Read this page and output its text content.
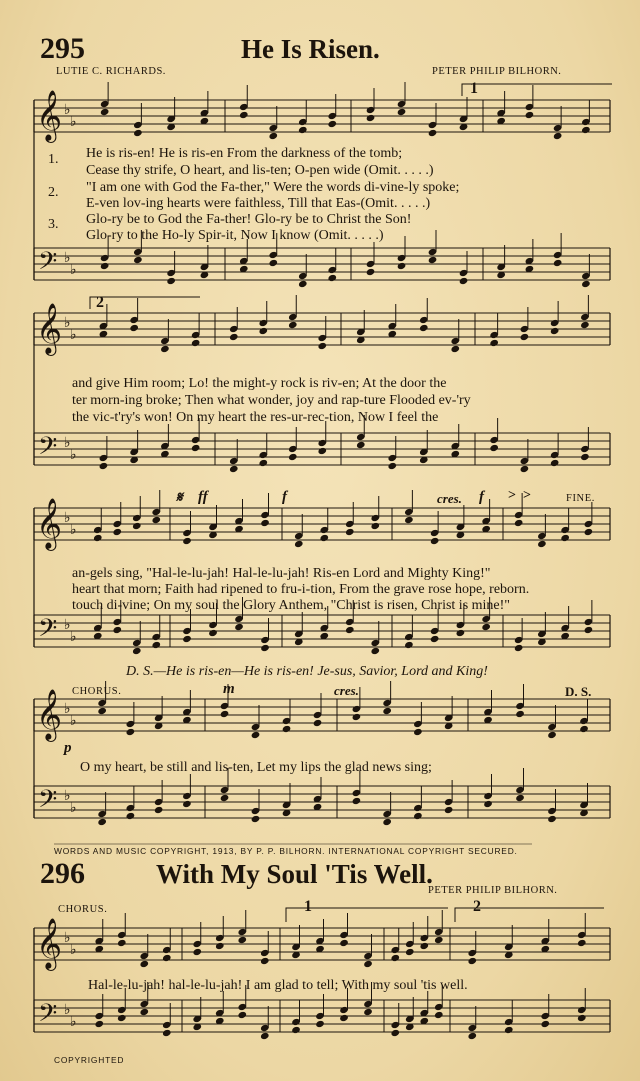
𝄞
𝄢
♭
♭
♭
♭
𝄞
𝄢
♭
♭
♭
♭
𝄞
𝄢
♭
♭
♭
♭
𝄞
𝄢
♭
♭
♭
♭
𝄞
𝄢
♭
♭
♭
♭
295	He Is Risen.
LUTIE C. RICHARDS.	PETER PHILIP BILHORN.
1
1.
2.
3.
He is ris-en! He is ris-en From the darkness of the tomb;
Cease thy strife, O heart, and lis-ten; O-pen wide (Omit. . . . .)
"I am one with God the Fa-ther," Were the words di-vine-ly spoke;
E-ven lov-ing hearts were faithless, Till that Eas-(Omit. . . . .)
Glo-ry be to God the Fa-ther! Glo-ry be to Christ the Son!
Glo-ry to the Ho-ly Spir-it, Now I know (Omit. . . . .)
2
and give Him room; Lo! the might-y rock is riv-en; At the door the
ter morn-ing broke; Then what wonder, joy and rap-ture Flooded ev-'ry
the vic-t'ry's won! On my heart the res-ur-rec-tion, Now I feel the
𝄋 ff	f	cres. f >  >	FINE.
an-gels sing, "Hal-le-lu-jah! Hal-le-lu-jah! Ris-en Lord and Mighty King!"
heart that morn; Faith had ripened to fru-i-tion, From the grave rose hope, reborn.
touch di-vine; On my soul the Glory Anthem, "Christ is risen, Christ is mine!"
D. S.—He is ris-en—He is ris-en! Je-sus, Savior, Lord and King!
CHORUS.	m	cres.	D. S.
p
O my heart, be still and lis-ten, Let my lips the glad news sing;
WORDS AND MUSIC COPYRIGHT, 1913, BY P. P. BILHORN. INTERNATIONAL COPYRIGHT SECURED.
296	With My Soul 'Tis Well.
PETER PHILIP BILHORN.
CHORUS.	1	2
Hal-le-lu-jah! hal-le-lu-jah! I am glad to tell; With my soul 'tis well.
COPYRIGHTED
